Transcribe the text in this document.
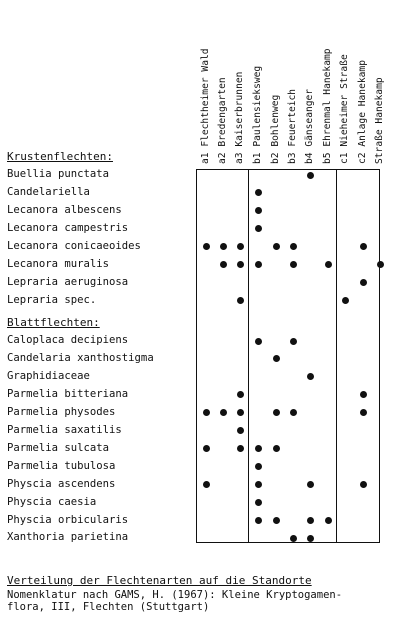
a1 Flechtheimer Wald a2 Bredengarten a3 Kaiserbrunnen b1 Paulensieksweg b2 Bohlenweg b3 Feuerteich b4 Gänseanger b5 Ehrenmal Hanekamp c1 Nieheimer Straße c2 Anlage Hanekamp Straße Hanekamp
Krustenflechten:
Buellia punctata
Candelariella
Lecanora albescens
Lecanora campestris
Lecanora conicaeoides
Lecanora muralis
Lepraria aeruginosa
Lepraria spec.
Blattflechten:
Caloplaca decipiens
Candelaria xanthostigma
Graphidiaceae
Parmelia bitteriana
Parmelia physodes
Parmelia saxatilis
Parmelia sulcata
Parmelia tubulosa
Physcia ascendens
Physcia caesia
Physcia orbicularis
Xanthoria parietina
Verteilung der Flechtenarten auf die Standorte
Nomenklatur nach GAMS, H. (1967): Kleine Kryptogamen-
flora, III, Flechten (Stuttgart)
